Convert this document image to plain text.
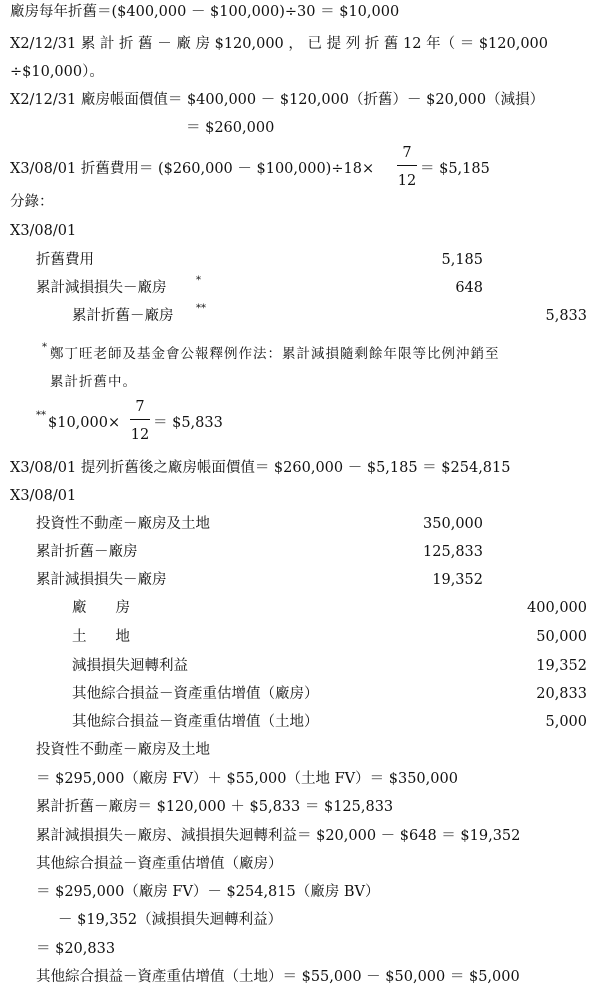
廠房每年折舊＝($400,000 － $100,000)÷30 ＝ $10,000
X2/12/31 累 計 折 舊 － 廠 房 $120,000 ， 已 提 列 折 舊 12 年（ ＝ $120,000
÷$10,000）。
X2/12/31 廠房帳面價值＝ $400,000 － $120,000（折舊）－ $20,000（減損）
＝ $260,000
X3/08/01 折舊費用＝ ($260,000 － $100,000)÷18×
7
12
＝ $5,185
分錄：
X3/08/01
折舊費用	5,185
累計減損損失－廠房	*	648
累計折舊－廠房 **	5,833
* 鄭丁旺老師及基金會公報釋例作法：累計減損隨剩餘年限等比例沖銷至
累計折舊中。
** $10,000×
7
12
＝ $5,833
X3/08/01 提列折舊後之廠房帳面價值＝ $260,000 － $5,185 ＝ $254,815
X3/08/01
投資性不動產－廠房及土地	350,000
累計折舊－廠房	125,833
累計減損損失－廠房	19,352
廠　　房	400,000
土　　地	50,000
減損損失迴轉利益	19,352
其他綜合損益－資產重估增值（廠房）	20,833
其他綜合損益－資產重估增值（土地）	5,000
投資性不動產－廠房及土地
＝ $295,000（廠房 FV）＋ $55,000（土地 FV）＝ $350,000
累計折舊－廠房＝ $120,000 ＋ $5,833 ＝ $125,833
累計減損損失－廠房、減損損失迴轉利益＝ $20,000 － $648 ＝ $19,352
其他綜合損益－資產重估增值（廠房）
＝ $295,000（廠房 FV）－ $254,815（廠房 BV）
－ $19,352（減損損失迴轉利益）
＝ $20,833
其他綜合損益－資產重估增值（土地）＝ $55,000 － $50,000 ＝ $5,000
